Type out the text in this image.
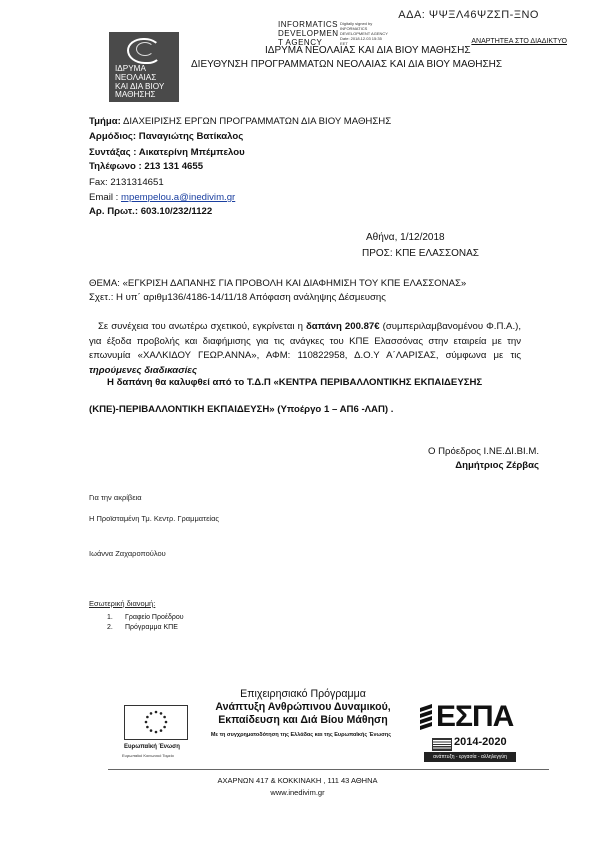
ΑΔΑ: ΨΨΞΛ46ΨΖΣΠ-ΞΝΟ
ΑΝΑΡΤΗΤΕΑ ΣΤΟ ΔΙΑΔΙΚΤΥΟ
INFORMATICS
DEVELOPMEN
T AGENCY
Digitally signed by
INFORMATICS
DEVELOPMENT AGENCY
Date: 2018.12.03 15:35
EET
ΙΔΡΥΜΑ
ΝΕΟΛΑΙΑΣ
ΚΑΙ ΔΙΑ ΒΙΟΥ
ΜΑΘΗΣΗΣ
ΙΔΡΥΜΑ ΝΕΟΛΑΙΑΣ ΚΑΙ ΔΙΑ ΒΙΟΥ ΜΑΘΗΣΗΣ
ΔΙΕΥΘΥΝΣΗ ΠΡΟΓΡΑΜΜΑΤΩΝ ΝΕΟΛΑΙΑΣ ΚΑΙ ΔΙΑ ΒΙΟΥ ΜΑΘΗΣΗΣ
Τμήμα: ΔΙΑΧΕΙΡΙΣΗΣ ΕΡΓΩΝ ΠΡΟΓΡΑΜΜΑΤΩΝ ΔΙΑ ΒΙΟΥ ΜΑΘΗΣΗΣ
Αρμόδιος: Παναγιώτης Βατίκαλος
Συντάξας : Αικατερίνη Μπέμπελου
Τηλέφωνο : 213 131 4655
Fax: 2131314651
Email : mpempelou.a@inedivim.gr
Αρ. Πρωτ.: 603.10/232/1122
Αθήνα, 1/12/2018
ΠΡΟΣ: ΚΠΕ ΕΛΑΣΣΟΝΑΣ
ΘΕΜΑ: «ΕΓΚΡΙΣΗ ΔΑΠΑΝΗΣ ΓΙΑ ΠΡΟΒΟΛΗ ΚΑΙ ΔΙΑΦΗΜΙΣΗ ΤΟΥ ΚΠΕ ΕΛΑΣΣΟΝΑΣ»
Σχετ.: Η υπ΄ αριθμ136/4186-14/11/18 Απόφαση ανάληψης Δέσμευσης
Σε συνέχεια του ανωτέρω σχετικού, εγκρίνεται η δαπάνη 200.87€ (συμπεριλαμβανομένου Φ.Π.Α.), για έξοδα προβολής και διαφήμισης για τις ανάγκες του ΚΠΕ Ελασσόνας στην εταιρεία με την επωνυμία «ΧΑΛΚΙΔΟΥ ΓΕΩΡ.ΑΝΝΑ», ΑΦΜ: 110822958, Δ.Ο.Υ Α΄ΛΑΡΙΣΑΣ, σύμφωνα με τις τηρούμενες διαδικασίες
Η δαπάνη θα καλυφθεί από το Τ.Δ.Π «ΚΕΝΤΡΑ ΠΕΡΙΒΑΛΛΟΝΤΙΚΗΣ ΕΚΠΑΙΔΕΥΣΗΣ
(ΚΠΕ)-ΠΕΡΙΒΑΛΛΟΝΤΙΚΗ ΕΚΠΑΙΔΕΥΣΗ» (Υποέργο 1 – ΑΠ6 -ΛΑΠ) .
Ο Πρόεδρος Ι.ΝΕ.ΔΙ.ΒΙ.Μ.
Δημήτριος Ζέρβας
Για την ακρίβεια
Η Προϊσταμένη Τμ. Κεντρ. Γραμματείας
Ιωάννα Ζαχαροπούλου
Εσωτερική διανομή:
1. Γραφείο Προέδρου
2. Πρόγραμμα ΚΠΕ
Ευρωπαϊκή Ένωση
Ευρωπαϊκό Κοινωνικό Ταμείο
Επιχειρησιακό Πρόγραμμα
Ανάπτυξη Ανθρώπινου Δυναμικού,
Εκπαίδευση και Διά Βίου Μάθηση
Με τη συγχρηματοδότηση της Ελλάδας και της Ευρωπαϊκής Ένωσης
ΕΣΠΑ
2014-2020
ανάπτυξη - εργασία - αλληλεγγύη
ΑΧΑΡΝΩΝ 417 & ΚΟΚΚΙΝΑΚΗ , 111 43 ΑΘΗΝΑ
www.inedivim.gr
